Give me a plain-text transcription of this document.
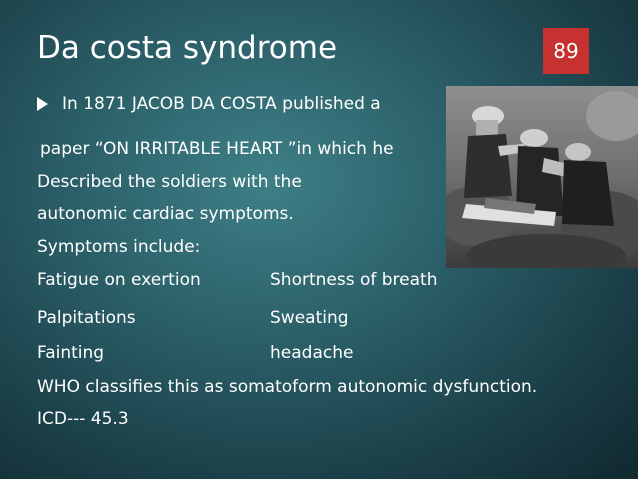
Da costa syndrome	89
In 1871 JACOB DA COSTA published a
paper “ON IRRITABLE HEART ”in which he
Described the soldiers with the
autonomic cardiac symptoms.
Symptoms include:
Fatigue on exertion	Shortness of breath
Palpitations	Sweating
Fainting	headache
WHO classifies this as somatoform autonomic dysfunction.
ICD--- 45.3
